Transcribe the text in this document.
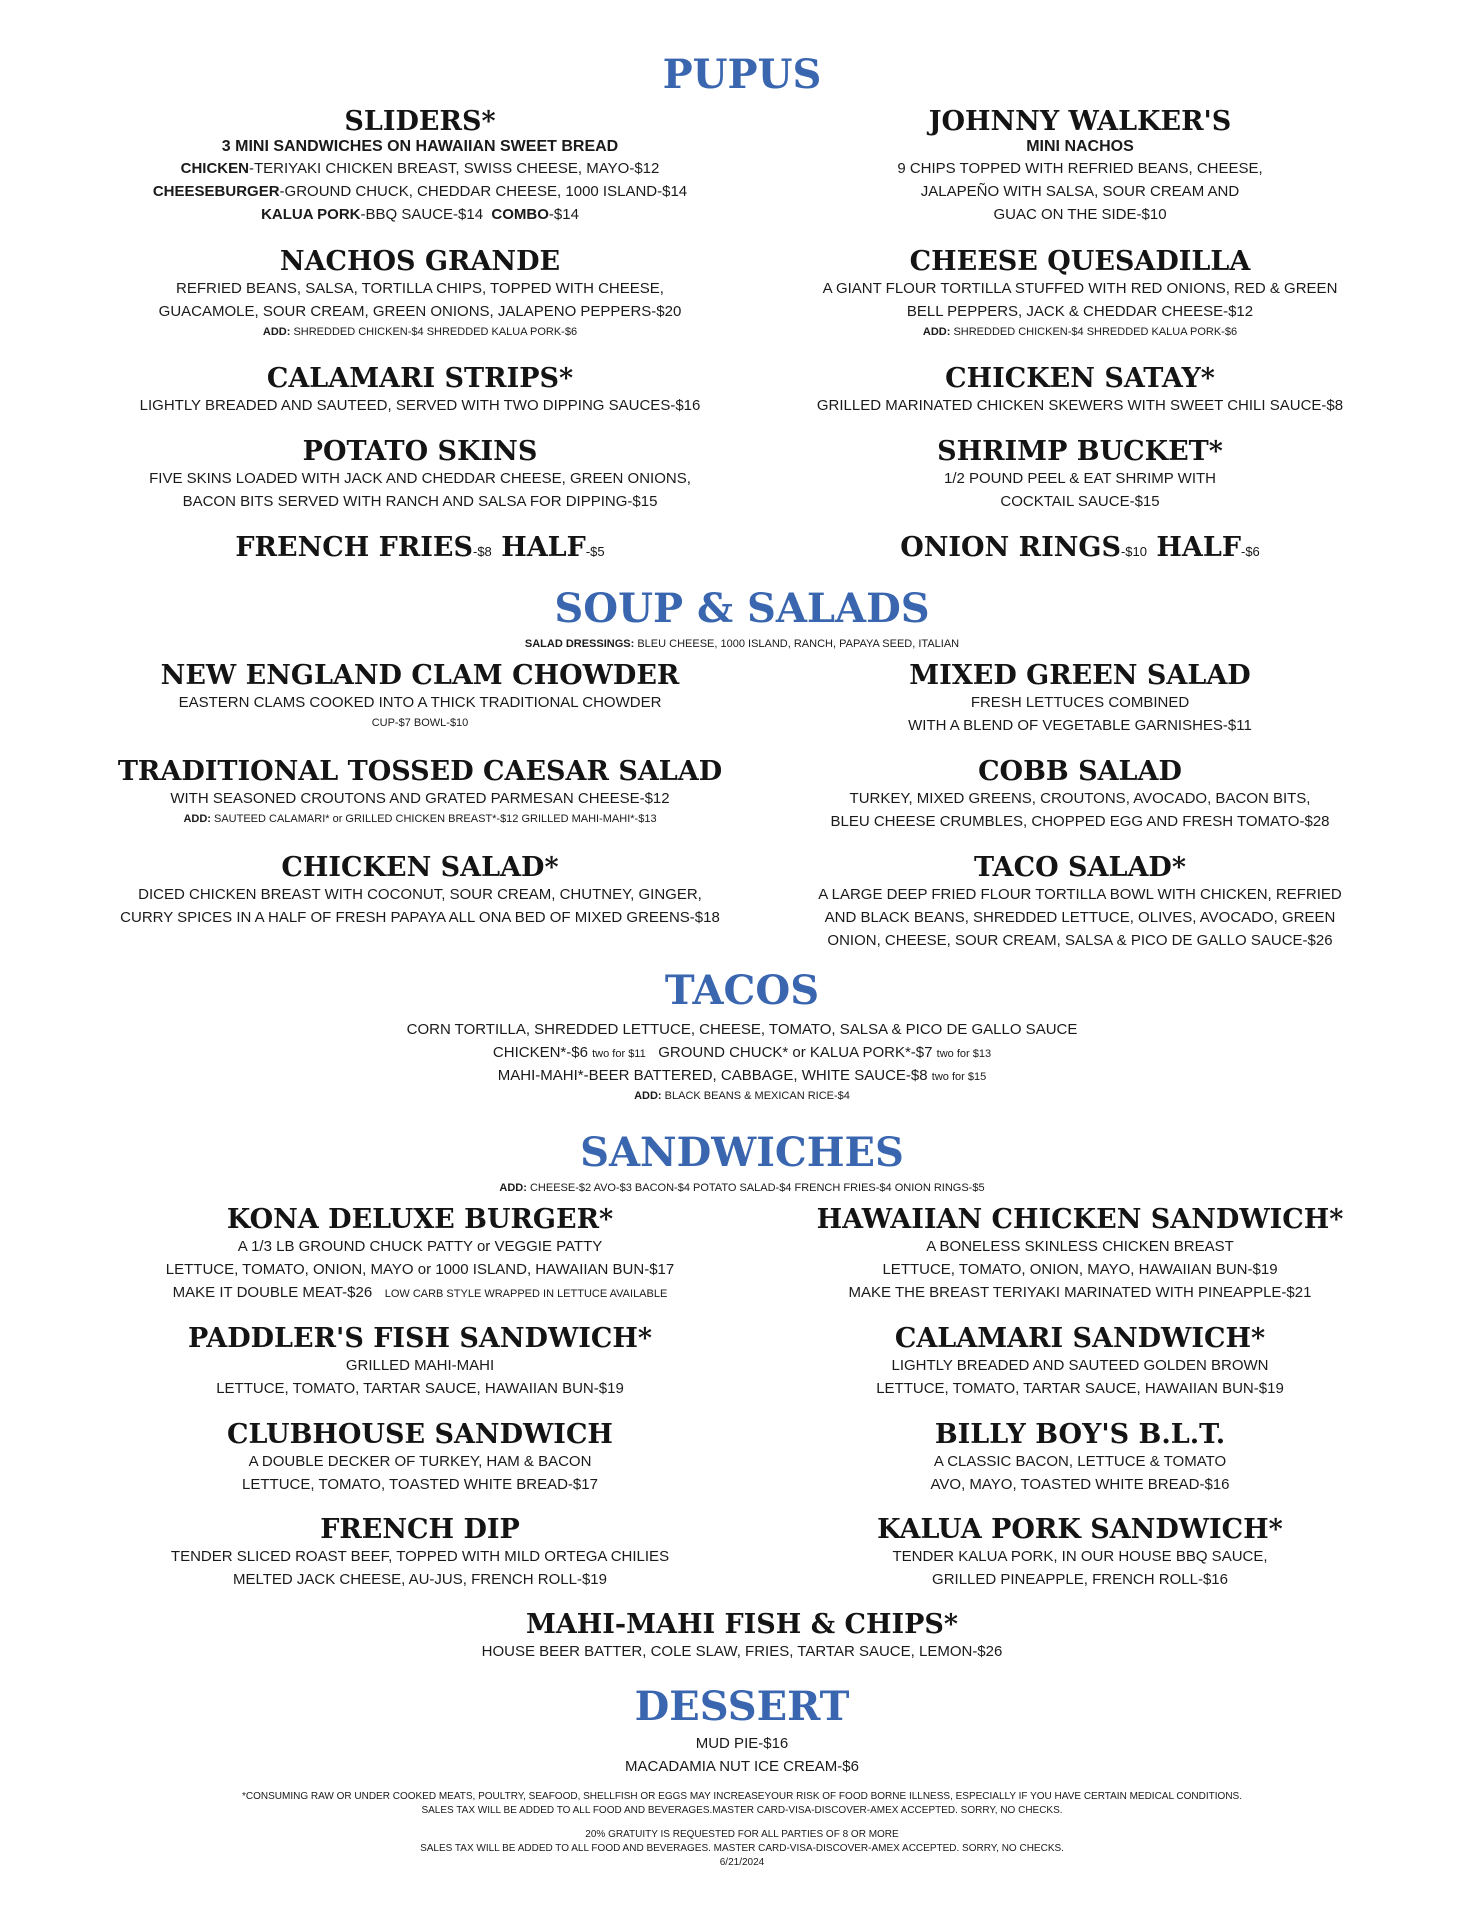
PUPUS
SLIDERS*
3 MINI SANDWICHES ON HAWAIIAN SWEET BREAD
CHICKEN-TERIYAKI CHICKEN BREAST, SWISS CHEESE, MAYO-$12
CHEESEBURGER-GROUND CHUCK, CHEDDAR CHEESE, 1000 ISLAND-$14
KALUA PORK-BBQ SAUCE-$14 COMBO-$14
JOHNNY WALKER'S
MINI NACHOS
9 CHIPS TOPPED WITH REFRIED BEANS, CHEESE,
JALAPEÑO WITH SALSA, SOUR CREAM AND
GUAC ON THE SIDE-$10
NACHOS GRANDE
REFRIED BEANS, SALSA, TORTILLA CHIPS, TOPPED WITH CHEESE,
GUACAMOLE, SOUR CREAM, GREEN ONIONS, JALAPENO PEPPERS-$20
ADD: SHREDDED CHICKEN-$4 SHREDDED KALUA PORK-$6
CHEESE QUESADILLA
A GIANT FLOUR TORTILLA STUFFED WITH RED ONIONS, RED & GREEN
BELL PEPPERS, JACK & CHEDDAR CHEESE-$12
ADD: SHREDDED CHICKEN-$4 SHREDDED KALUA PORK-$6
CALAMARI STRIPS*
LIGHTLY BREADED AND SAUTEED, SERVED WITH TWO DIPPING SAUCES-$16
CHICKEN SATAY*
GRILLED MARINATED CHICKEN SKEWERS WITH SWEET CHILI SAUCE-$8
POTATO SKINS
FIVE SKINS LOADED WITH JACK AND CHEDDAR CHEESE, GREEN ONIONS,
BACON BITS SERVED WITH RANCH AND SALSA FOR DIPPING-$15
SHRIMP BUCKET*
1/2 POUND PEEL & EAT SHRIMP WITH
COCKTAIL SAUCE-$15
FRENCH FRIES-$8 HALF-$5	ONION RINGS-$10 HALF-$6
SOUP & SALADS
SALAD DRESSINGS: BLEU CHEESE, 1000 ISLAND, RANCH, PAPAYA SEED, ITALIAN
NEW ENGLAND CLAM CHOWDER
EASTERN CLAMS COOKED INTO A THICK TRADITIONAL CHOWDER
CUP-$7 BOWL-$10
MIXED GREEN SALAD
FRESH LETTUCES COMBINED
WITH A BLEND OF VEGETABLE GARNISHES-$11
TRADITIONAL TOSSED CAESAR SALAD
WITH SEASONED CROUTONS AND GRATED PARMESAN CHEESE-$12
ADD: SAUTEED CALAMARI* or GRILLED CHICKEN BREAST*-$12 GRILLED MAHI-MAHI*-$13
COBB SALAD
TURKEY, MIXED GREENS, CROUTONS, AVOCADO, BACON BITS,
BLEU CHEESE CRUMBLES, CHOPPED EGG AND FRESH TOMATO-$28
CHICKEN SALAD*
DICED CHICKEN BREAST WITH COCONUT, SOUR CREAM, CHUTNEY, GINGER,
CURRY SPICES IN A HALF OF FRESH PAPAYA ALL ONA BED OF MIXED GREENS-$18
TACO SALAD*
A LARGE DEEP FRIED FLOUR TORTILLA BOWL WITH CHICKEN, REFRIED
AND BLACK BEANS, SHREDDED LETTUCE, OLIVES, AVOCADO, GREEN
ONION, CHEESE, SOUR CREAM, SALSA & PICO DE GALLO SAUCE-$26
TACOS
CORN TORTILLA, SHREDDED LETTUCE, CHEESE, TOMATO, SALSA & PICO DE GALLO SAUCE
CHICKEN*-$6 two for $11 GROUND CHUCK* or KALUA PORK*-$7 two for $13
MAHI-MAHI*-BEER BATTERED, CABBAGE, WHITE SAUCE-$8 two for $15
ADD: BLACK BEANS & MEXICAN RICE-$4
SANDWICHES
ADD: CHEESE-$2 AVO-$3 BACON-$4 POTATO SALAD-$4 FRENCH FRIES-$4 ONION RINGS-$5
KONA DELUXE BURGER*
A 1/3 LB GROUND CHUCK PATTY or VEGGIE PATTY
LETTUCE, TOMATO, ONION, MAYO or 1000 ISLAND, HAWAIIAN BUN-$17
MAKE IT DOUBLE MEAT-$26 LOW CARB STYLE WRAPPED IN LETTUCE AVAILABLE
HAWAIIAN CHICKEN SANDWICH*
A BONELESS SKINLESS CHICKEN BREAST
LETTUCE, TOMATO, ONION, MAYO, HAWAIIAN BUN-$19
MAKE THE BREAST TERIYAKI MARINATED WITH PINEAPPLE-$21
PADDLER'S FISH SANDWICH*
GRILLED MAHI-MAHI
LETTUCE, TOMATO, TARTAR SAUCE, HAWAIIAN BUN-$19
CALAMARI SANDWICH*
LIGHTLY BREADED AND SAUTEED GOLDEN BROWN
LETTUCE, TOMATO, TARTAR SAUCE, HAWAIIAN BUN-$19
CLUBHOUSE SANDWICH
A DOUBLE DECKER OF TURKEY, HAM & BACON
LETTUCE, TOMATO, TOASTED WHITE BREAD-$17
BILLY BOY'S B.L.T.
A CLASSIC BACON, LETTUCE & TOMATO
AVO, MAYO, TOASTED WHITE BREAD-$16
FRENCH DIP
TENDER SLICED ROAST BEEF, TOPPED WITH MILD ORTEGA CHILIES
MELTED JACK CHEESE, AU-JUS, FRENCH ROLL-$19
KALUA PORK SANDWICH*
TENDER KALUA PORK, IN OUR HOUSE BBQ SAUCE,
GRILLED PINEAPPLE, FRENCH ROLL-$16
MAHI-MAHI FISH & CHIPS*
HOUSE BEER BATTER, COLE SLAW, FRIES, TARTAR SAUCE, LEMON-$26
DESSERT
MUD PIE-$16
MACADAMIA NUT ICE CREAM-$6
*CONSUMING RAW OR UNDER COOKED MEATS, POULTRY, SEAFOOD, SHELLFISH OR EGGS MAY INCREASEYOUR RISK OF FOOD BORNE ILLNESS, ESPECIALLY IF YOU HAVE CERTAIN MEDICAL CONDITIONS.
SALES TAX WILL BE ADDED TO ALL FOOD AND BEVERAGES.MASTER CARD-VISA-DISCOVER-AMEX ACCEPTED. SORRY, NO CHECKS.
20% GRATUITY IS REQUESTED FOR ALL PARTIES OF 8 OR MORE
SALES TAX WILL BE ADDED TO ALL FOOD AND BEVERAGES. MASTER CARD-VISA-DISCOVER-AMEX ACCEPTED. SORRY, NO CHECKS.
6/21/2024
